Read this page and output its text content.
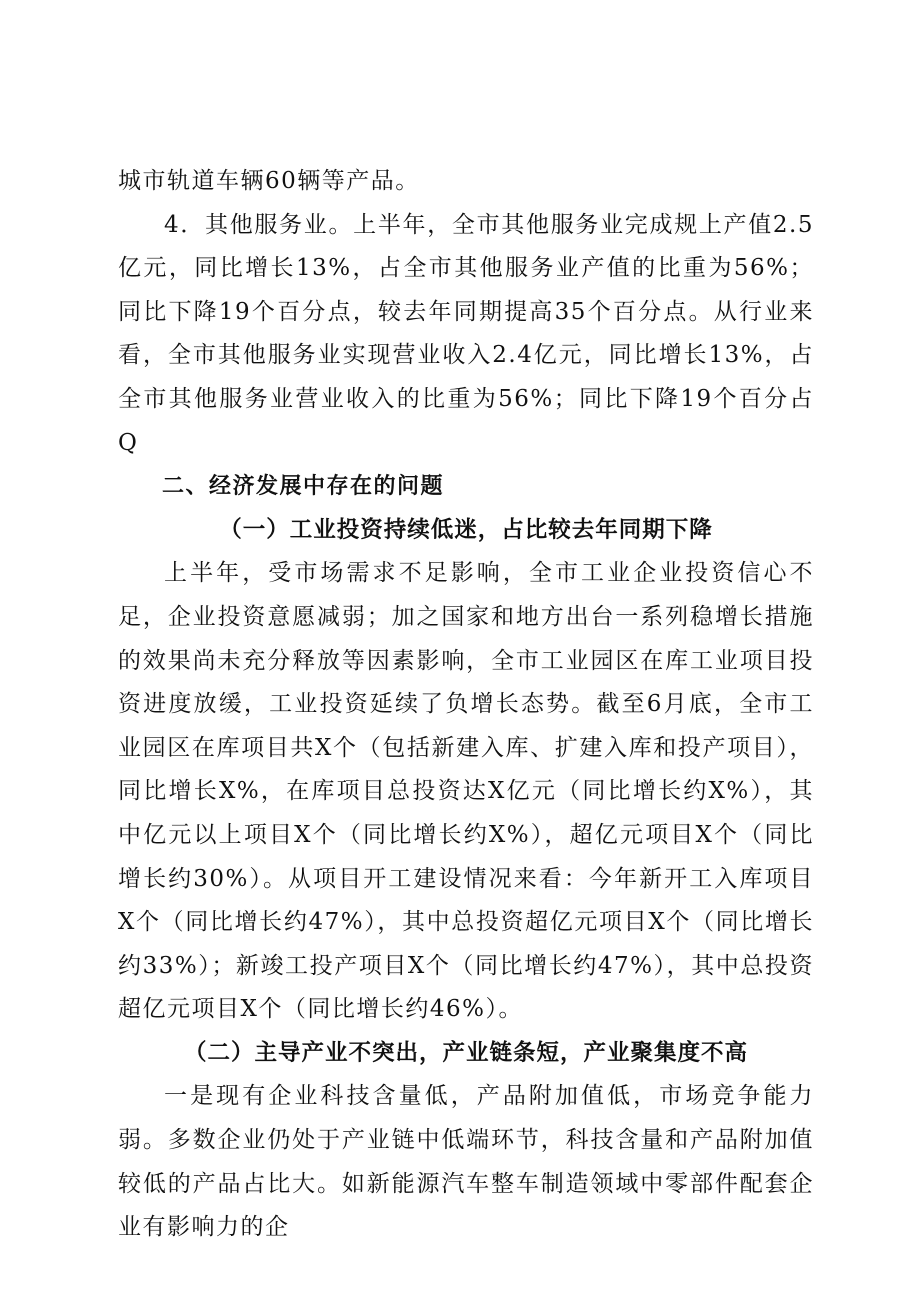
城市轨道车辆60辆等产品。

4．其他服务业。上半年，全市其他服务业完成规上产值2.5亿元，同比增长13%，占全市其他服务业产值的比重为56%；同比下降19个百分点，较去年同期提高35个百分点。从行业来看，全市其他服务业实现营业收入2.4亿元，同比增长13%，占全市其他服务业营业收入的比重为56%；同比下降19个百分占Q

二、经济发展中存在的问题

（一）工业投资持续低迷，占比较去年同期下降

上半年，受市场需求不足影响，全市工业企业投资信心不足，企业投资意愿减弱；加之国家和地方出台一系列稳增长措施的效果尚未充分释放等因素影响，全市工业园区在库工业项目投资进度放缓，工业投资延续了负增长态势。截至6月底，全市工业园区在库项目共X个（包括新建入库、扩建入库和投产项目），同比增长X%，在库项目总投资达X亿元（同比增长约X%），其中亿元以上项目X个（同比增长约X%），超亿元项目X个（同比增长约30%）。从项目开工建设情况来看：今年新开工入库项目X个（同比增长约47%），其中总投资超亿元项目X个（同比增长约33%）；新竣工投产项目X个（同比增长约47%），其中总投资超亿元项目X个（同比增长约46%）。

（二）主导产业不突出，产业链条短，产业聚集度不高

一是现有企业科技含量低，产品附加值低，市场竞争能力弱。多数企业仍处于产业链中低端环节，科技含量和产品附加值较低的产品占比大。如新能源汽车整车制造领域中零部件配套企业有影响力的企
